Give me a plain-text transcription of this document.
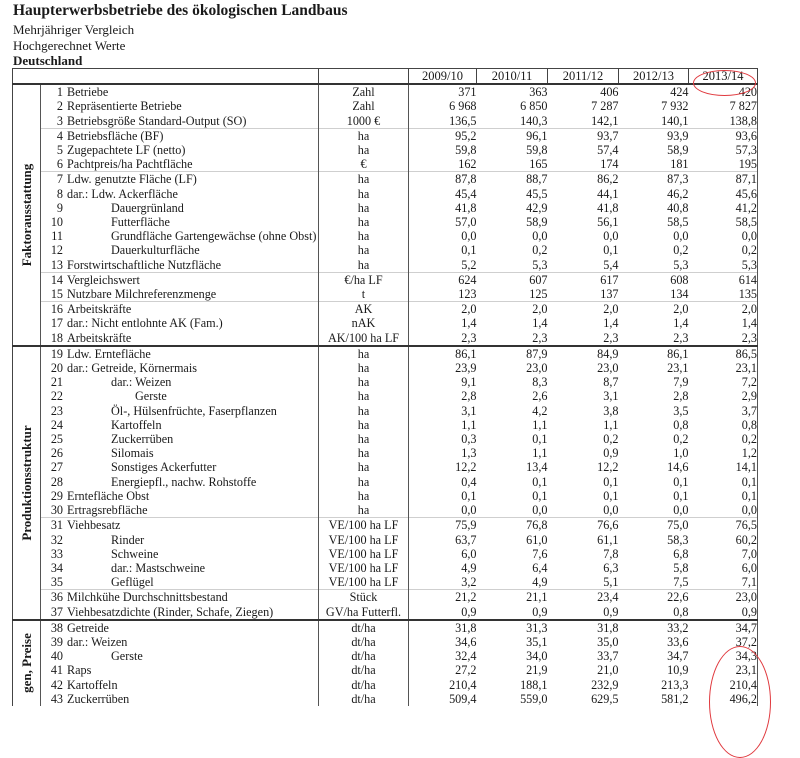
Haupterwerbsbetriebe des ökologischen Landbaus
Mehrjähriger Vergleich
Hochgerechnet Werte
Deutschland
			2009/10	2010/11	2011/12	2012/13	2013/14

Faktorausstattung	1 Betriebe	Zahl	371	363	406	424	420
	2 Repräsentierte Betriebe	Zahl	6 968	6 850	7 287	7 932	7 827
	3 Betriebsgröße Standard-Output (SO)	1000 €	136,5	140,3	142,1	140,1	138,8
	4 Betriebsfläche (BF)	ha	95,2	96,1	93,7	93,9	93,6
	5 Zugepachtete LF (netto)	ha	59,8	59,8	57,4	58,9	57,3
	6 Pachtpreis/ha Pachtfläche	€	162	165	174	181	195
	7 Ldw. genutzte Fläche (LF)	ha	87,8	88,7	86,2	87,3	87,1
	8 dar.: Ldw. Ackerfläche	ha	45,4	45,5	44,1	46,2	45,6
	9 Dauergrünland	ha	41,8	42,9	41,8	40,8	41,2
	10 Futterfläche	ha	57,0	58,9	56,1	58,5	58,5
	11 Grundfläche Gartengewächse (ohne Obst)	ha	0,0	0,0	0,0	0,0	0,0
	12 Dauerkulturfläche	ha	0,1	0,2	0,1	0,2	0,2
	13 Forstwirtschaftliche Nutzfläche	ha	5,2	5,3	5,4	5,3	5,3
	14 Vergleichswert	€/ha LF	624	607	617	608	614
	15 Nutzbare Milchreferenzmenge	t	123	125	137	134	135
	16 Arbeitskräfte	AK	2,0	2,0	2,0	2,0	2,0
	17 dar.: Nicht entlohnte AK (Fam.)	nAK	1,4	1,4	1,4	1,4	1,4
	18 Arbeitskräfte	AK/100 ha LF	2,3	2,3	2,3	2,3	2,3

Produktionsstruktur	19 Ldw. Erntefläche	ha	86,1	87,9	84,9	86,1	86,5
	20 dar.: Getreide, Körnermais	ha	23,9	23,0	23,0	23,1	23,1
	21 dar.: Weizen	ha	9,1	8,3	8,7	7,9	7,2
	22 Gerste	ha	2,8	2,6	3,1	2,8	2,9
	23 Öl-, Hülsenfrüchte, Faserpflanzen	ha	3,1	4,2	3,8	3,5	3,7
	24 Kartoffeln	ha	1,1	1,1	1,1	0,8	0,8
	25 Zuckerrüben	ha	0,3	0,1	0,2	0,2	0,2
	26 Silomais	ha	1,3	1,1	0,9	1,0	1,2
	27 Sonstiges Ackerfutter	ha	12,2	13,4	12,2	14,6	14,1
	28 Energiepfl., nachw. Rohstoffe	ha	0,4	0,1	0,1	0,1	0,1
	29 Erntefläche Obst	ha	0,1	0,1	0,1	0,1	0,1
	30 Ertragsrebfläche	ha	0,0	0,0	0,0	0,0	0,0
	31 Viehbesatz	VE/100 ha LF	75,9	76,8	76,6	75,0	76,5
	32 Rinder	VE/100 ha LF	63,7	61,0	61,1	58,3	60,2
	33 Schweine	VE/100 ha LF	6,0	7,6	7,8	6,8	7,0
	34 dar.: Mastschweine	VE/100 ha LF	4,9	6,4	6,3	5,8	6,0
	35 Geflügel	VE/100 ha LF	3,2	4,9	5,1	7,5	7,1
	36 Milchkühe Durchschnittsbestand	Stück	21,2	21,1	23,4	22,6	23,0
	37 Viehbesatzdichte (Rinder, Schafe, Ziegen)	GV/ha Futterfl.	0,9	0,9	0,9	0,8	0,9

gen, Preise	38 Getreide	dt/ha	31,8	31,3	31,8	33,2	34,7
	39 dar.: Weizen	dt/ha	34,6	35,1	35,0	33,6	37,2
	40 Gerste	dt/ha	32,4	34,0	33,7	34,7	34,3
	41 Raps	dt/ha	27,2	21,9	21,0	10,9	23,1
	42 Kartoffeln	dt/ha	210,4	188,1	232,9	213,3	210,4
	43 Zuckerrüben	dt/ha	509,4	559,0	629,5	581,2	496,2
